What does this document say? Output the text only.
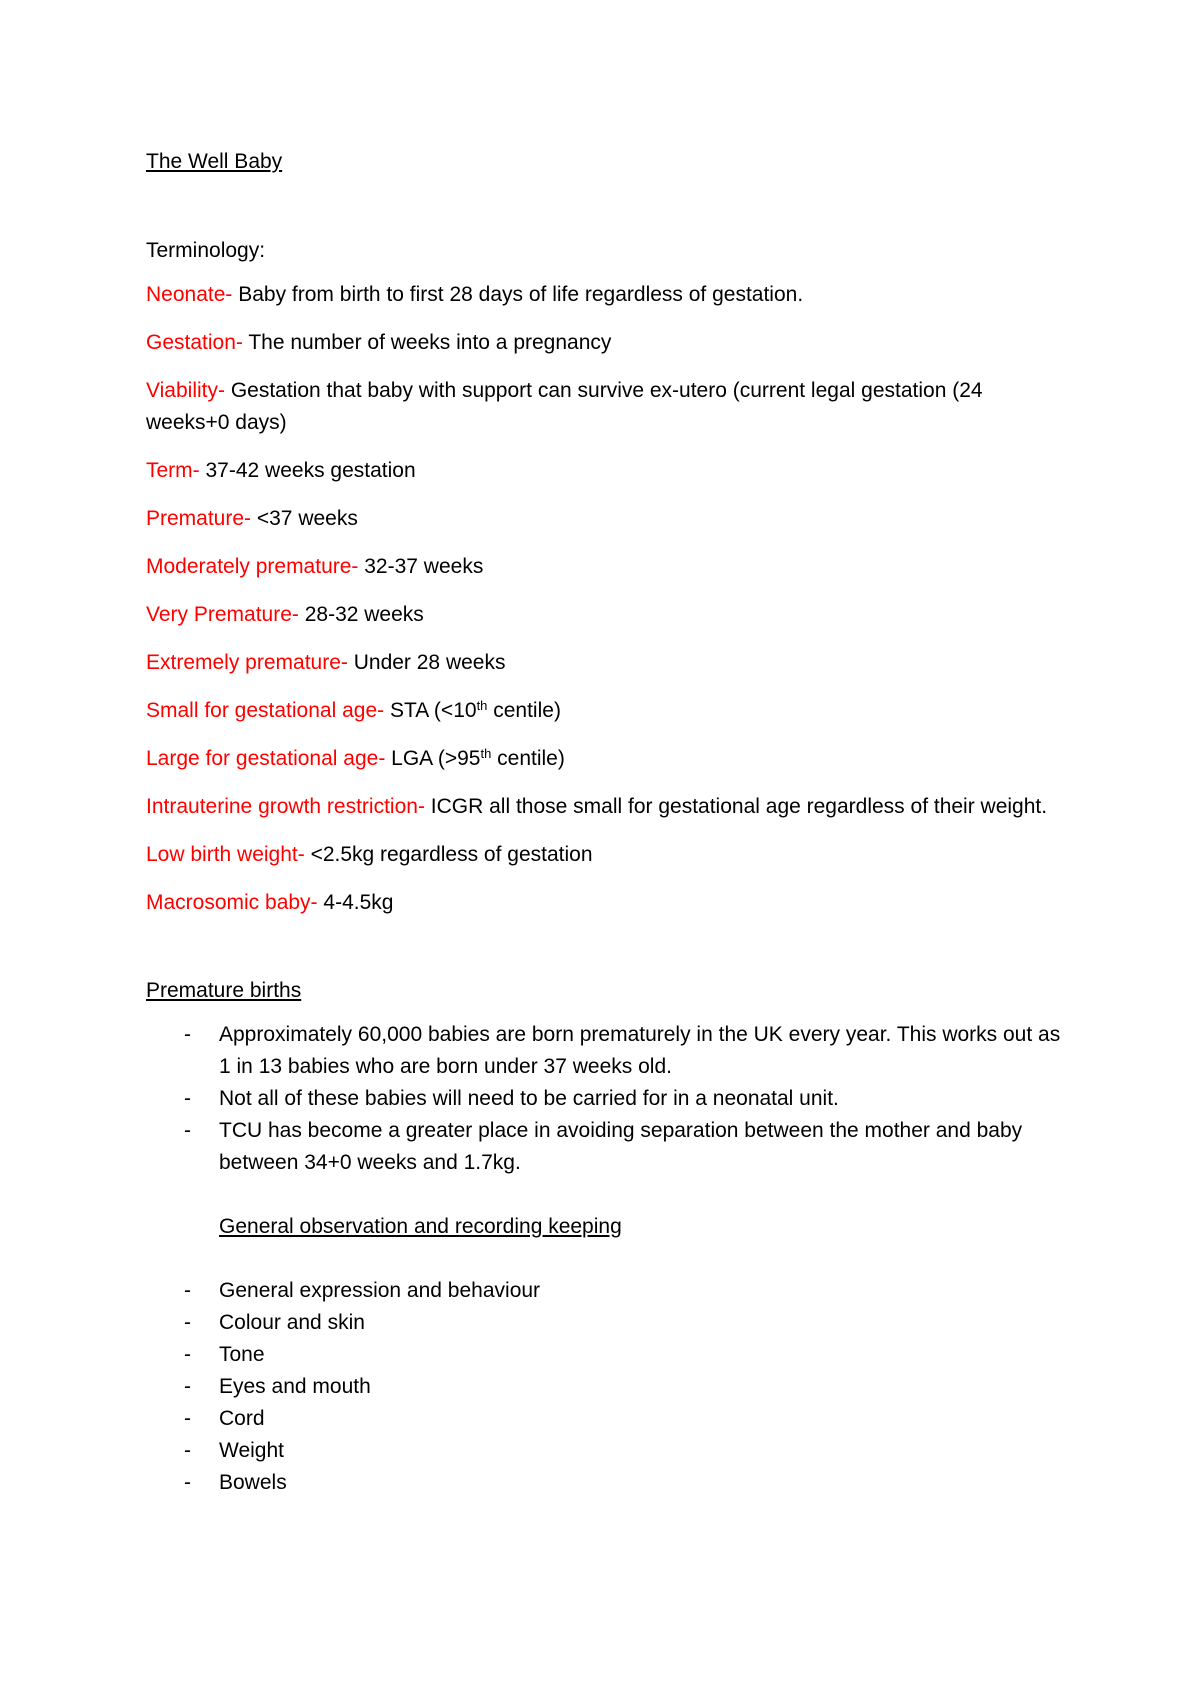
The Well Baby

Terminology:

Neonate- Baby from birth to first 28 days of life regardless of gestation.

Gestation- The number of weeks into a pregnancy

Viability- Gestation that baby with support can survive ex-utero (current legal gestation (24 weeks+0 days)

Term- 37-42 weeks gestation

Premature- <37 weeks

Moderately premature- 32-37 weeks

Very Premature- 28-32 weeks

Extremely premature- Under 28 weeks

Small for gestational age- STA (<10th centile)

Large for gestational age- LGA (>95th centile)

Intrauterine growth restriction- ICGR all those small for gestational age regardless of their weight.

Low birth weight- <2.5kg regardless of gestation

Macrosomic baby- 4-4.5kg

Premature births

- Approximately 60,000 babies are born prematurely in the UK every year. This works out as 1 in 13 babies who are born under 37 weeks old.
- Not all of these babies will need to be carried for in a neonatal unit.
- TCU has become a greater place in avoiding separation between the mother and baby between 34+0 weeks and 1.7kg.

General observation and recording keeping

- General expression and behaviour
- Colour and skin
- Tone
- Eyes and mouth
- Cord
- Weight
- Bowels
